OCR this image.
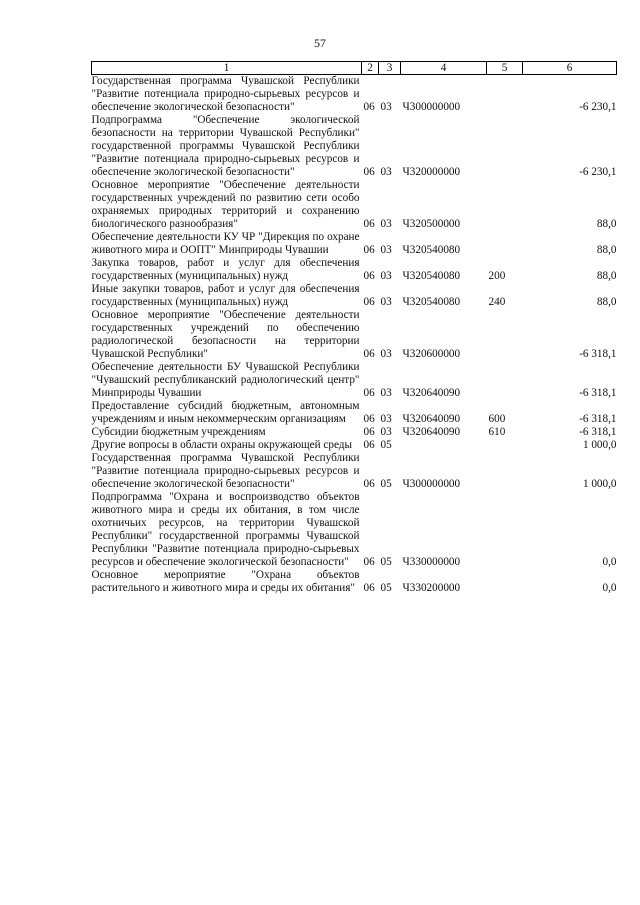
57
1	2	3	4	5	6
Государственная программа Чувашской Республики "Развитие потенциала природно-сырьевых ресурсов и обеспечение экологической безопасности"	06	03	Ч300000000		-6 230,1
Подпрограмма "Обеспечение экологической безопасности на территории Чувашской Республики" государственной программы Чувашской Республики "Развитие потенциала природно-сырьевых ресурсов и обеспечение экологической безопасности"	06	03	Ч320000000		-6 230,1
Основное мероприятие "Обеспечение деятельности государственных учреждений по развитию сети особо охраняемых природных территорий и сохранению биологического разнообразия"	06	03	Ч320500000		88,0
Обеспечение деятельности КУ ЧР "Дирекция по охране животного мира и ООПТ" Минприроды Чувашии	06	03	Ч320540080		88,0
Закупка товаров, работ и услуг для обеспечения государственных (муниципальных) нужд	06	03	Ч320540080	200	88,0
Иные закупки товаров, работ и услуг для обеспечения государственных (муниципальных) нужд	06	03	Ч320540080	240	88,0
Основное мероприятие "Обеспечение деятельности государственных учреждений по обеспечению радиологической безопасности на территории Чувашской Республики"	06	03	Ч320600000		-6 318,1
Обеспечение деятельности БУ Чувашской Республики "Чувашский республиканский радиологический центр" Минприроды Чувашии	06	03	Ч320640090		-6 318,1
Предоставление субсидий бюджетным, автономным учреждениям и иным некоммерческим организациям	06	03	Ч320640090	600	-6 318,1
Субсидии бюджетным учреждениям	06	03	Ч320640090	610	-6 318,1
Другие вопросы в области охраны окружающей среды	06	05			1 000,0
Государственная программа Чувашской Республики "Развитие потенциала природно-сырьевых ресурсов и обеспечение экологической безопасности"	06	05	Ч300000000		1 000,0
Подпрограмма "Охрана и воспроизводство объектов животного мира и среды их обитания, в том числе охотничьих ресурсов, на территории Чувашской Республики" государственной программы Чувашской Республики "Развитие потенциала природно-сырьевых ресурсов и обеспечение экологической безопасности"	06	05	Ч330000000		0,0
Основное мероприятие "Охрана объектов растительного и животного мира и среды их обитания"	06	05	Ч330200000		0,0
